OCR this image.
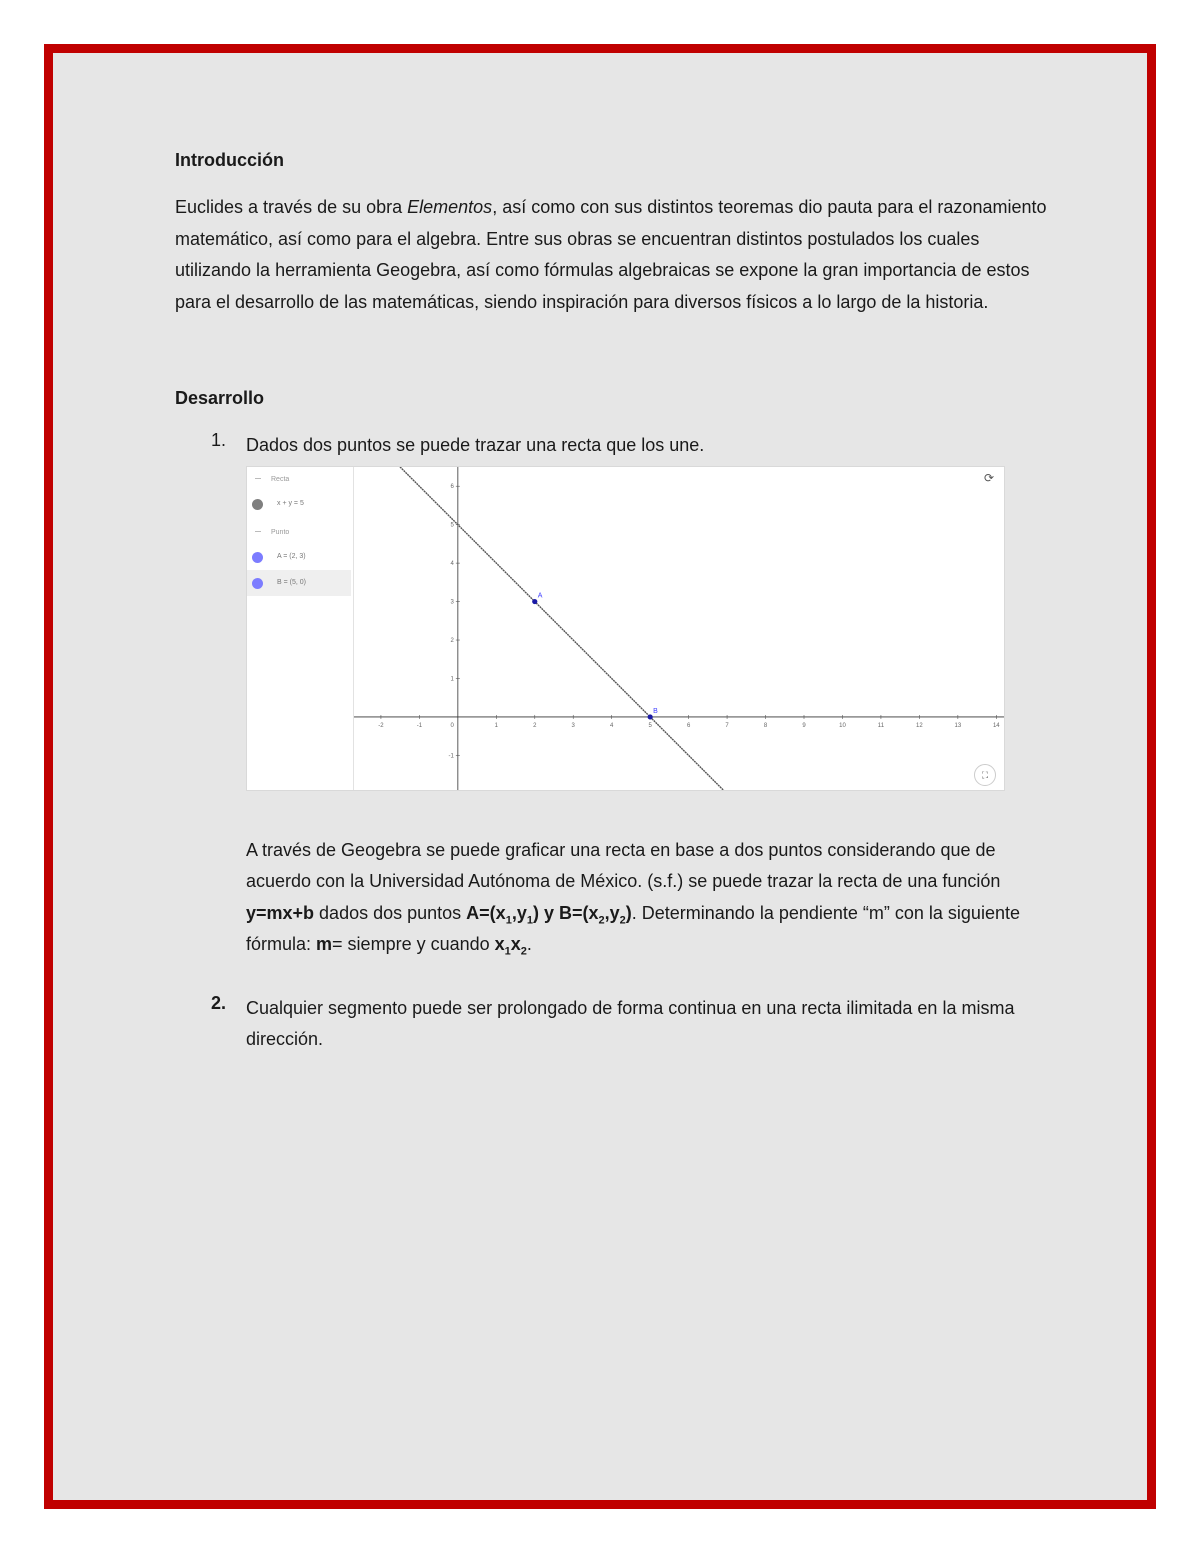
Introducción

Euclides a través de su obra Elementos, así como con sus distintos teoremas dio pauta para el razonamiento matemático, así como para el algebra. Entre sus obras se encuentran distintos postulados los cuales utilizando la herramienta Geogebra, así como fórmulas algebraicas se expone la gran importancia de estos para el desarrollo de las matemáticas, siendo inspiración para diversos físicos a lo largo de la historia.

Desarrollo
1. Dados dos puntos se puede trazar una recta que los une.

Recta
x + y = 5
Punto
A = (2, 3)
B = (5, 0)
-2	-1	1	2	3	4	5	6	7	8	9	10	11	12	13	14
-1
1
2
3
4
5
6
0
A
B
⟳
⛶

A través de Geogebra se puede graficar una recta en base a dos puntos considerando que de acuerdo con la Universidad Autónoma de México. (s.f.) se puede trazar la recta de una función y=mx+b dados dos puntos $A=(x_1,y_1)$ y $B=(x_2,y_2)$. Determinando la pendiente “m” con la siguiente fórmula: m= siempre y cuando $x_1x_2$.

2. Cualquier segmento puede ser prolongado de forma continua en una recta ilimitada en la misma dirección.
